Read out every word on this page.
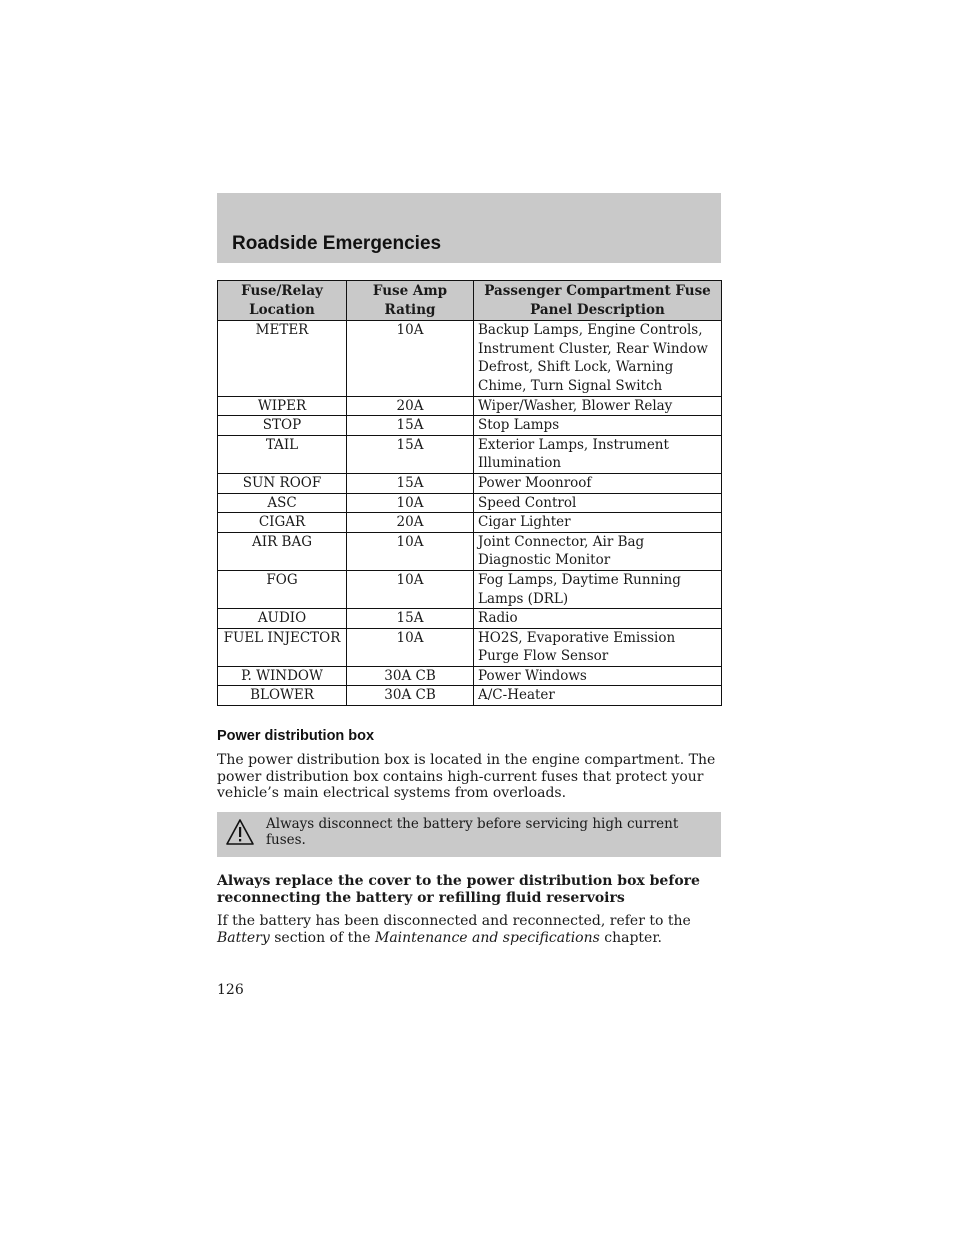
Roadside Emergencies
Fuse/Relay Location	Fuse Amp Rating	Passenger Compartment Fuse Panel Description
METER	10A	Backup Lamps, Engine Controls, Instrument Cluster, Rear Window Defrost, Shift Lock, Warning Chime, Turn Signal Switch
WIPER	20A	Wiper/Washer, Blower Relay
STOP	15A	Stop Lamps
TAIL	15A	Exterior Lamps, Instrument Illumination
SUN ROOF	15A	Power Moonroof
ASC	10A	Speed Control
CIGAR	20A	Cigar Lighter
AIR BAG	10A	Joint Connector, Air Bag Diagnostic Monitor
FOG	10A	Fog Lamps, Daytime Running Lamps (DRL)
AUDIO	15A	Radio
FUEL INJECTOR	10A	HO2S, Evaporative Emission Purge Flow Sensor
P. WINDOW	30A CB	Power Windows
BLOWER	30A CB	A/C-Heater
Power distribution box

The power distribution box is located in the engine compartment. The power distribution box contains high-current fuses that protect your vehicle’s main electrical systems from overloads.

Always disconnect the battery before servicing high current fuses.

Always replace the cover to the power distribution box before reconnecting the battery or refilling fluid reservoirs

If the battery has been disconnected and reconnected, refer to the Battery section of the Maintenance and specifications chapter.

126
